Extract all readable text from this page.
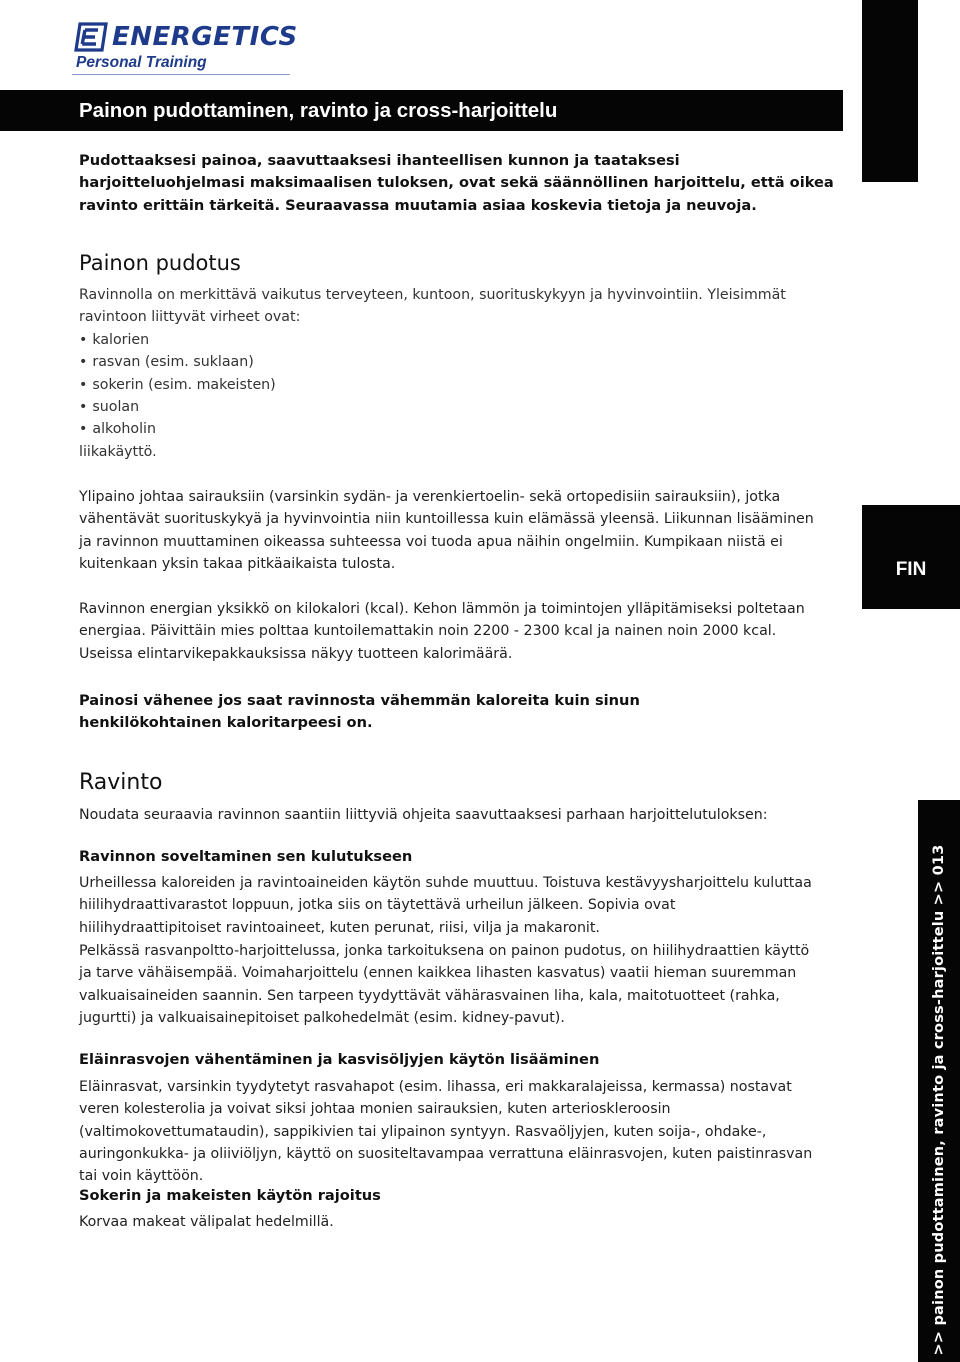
ENERGETICS
Personal Training
FIN
>> painon pudottaminen, ravinto ja cross-harjoittelu >> 013
Painon pudottaminen, ravinto ja cross-harjoittelu
Pudottaaksesi painoa, saavuttaaksesi ihanteellisen kunnon ja taataksesi harjoitteluohjelmasi maksimaalisen tuloksen, ovat sekä säännöllinen harjoittelu, että oikea ravinto erittäin tärkeitä. Seuraavassa muutamia asiaa koskevia tietoja ja neuvoja.
Painon pudotus
Ravinnolla on merkittävä vaikutus terveyteen, kuntoon, suorituskykyyn ja hyvinvointiin. Yleisimmät ravintoon liittyvät virheet ovat:
• kalorien
• rasvan (esim. suklaan)
• sokerin (esim. makeisten)
• suolan
• alkoholin
liikakäyttö.
Ylipaino johtaa sairauksiin (varsinkin sydän- ja verenkiertoelin- sekä ortopedisiin sairauksiin), jotka vähentävät suorituskykyä ja hyvinvointia niin kuntoillessa kuin elämässä yleensä. Liikunnan lisääminen ja ravinnon muuttaminen oikeassa suhteessa voi tuoda apua näihin ongelmiin. Kumpikaan niistä ei kuitenkaan yksin takaa pitkäaikaista tulosta.
Ravinnon energian yksikkö on kilokalori (kcal). Kehon lämmön ja toimintojen ylläpitämiseksi poltetaan energiaa. Päivittäin mies polttaa kuntoilemattakin noin 2200 - 2300 kcal ja nainen noin 2000 kcal. Useissa elintarvikepakkauksissa näkyy tuotteen kalorimäärä.
Painosi vähenee jos saat ravinnosta vähemmän kaloreita kuin sinun henkilökohtainen kaloritarpeesi on.
Ravinto
Noudata seuraavia ravinnon saantiin liittyviä ohjeita saavuttaaksesi parhaan harjoittelutuloksen:
Ravinnon soveltaminen sen kulutukseen
Urheillessa kaloreiden ja ravintoaineiden käytön suhde muuttuu. Toistuva kestävyysharjoittelu kuluttaa hiilihydraattivarastot loppuun, jotka siis on täytettävä urheilun jälkeen. Sopivia ovat hiilihydraattipitoiset ravintoaineet, kuten perunat, riisi, vilja ja makaronit.
Pelkässä rasvanpoltto-harjoittelussa, jonka tarkoituksena on painon pudotus, on hiilihydraattien käyttö ja tarve vähäisempää. Voimaharjoittelu (ennen kaikkea lihasten kasvatus) vaatii hieman suuremman valkuaisaineiden saannin. Sen tarpeen tyydyttävät vähärasvainen liha, kala, maitotuotteet (rahka, jugurtti) ja valkuaisainepitoiset palkohedelmät (esim. kidney-pavut).
Eläinrasvojen vähentäminen ja kasvisöljyjen käytön lisääminen
Eläinrasvat, varsinkin tyydytetyt rasvahapot (esim. lihassa, eri makkaralajeissa, kermassa) nostavat veren kolesterolia ja voivat siksi johtaa monien sairauksien, kuten arterioskleroosin (valtimokovettumataudin), sappikivien tai ylipainon syntyyn. Rasvaöljyjen, kuten soija-, ohdake-, auringonkukka- ja oliiviöljyn, käyttö on suositeltavampaa verrattuna eläinrasvojen, kuten paistinrasvan tai voin käyttöön.
Sokerin ja makeisten käytön rajoitus
Korvaa makeat välipalat hedelmillä.
